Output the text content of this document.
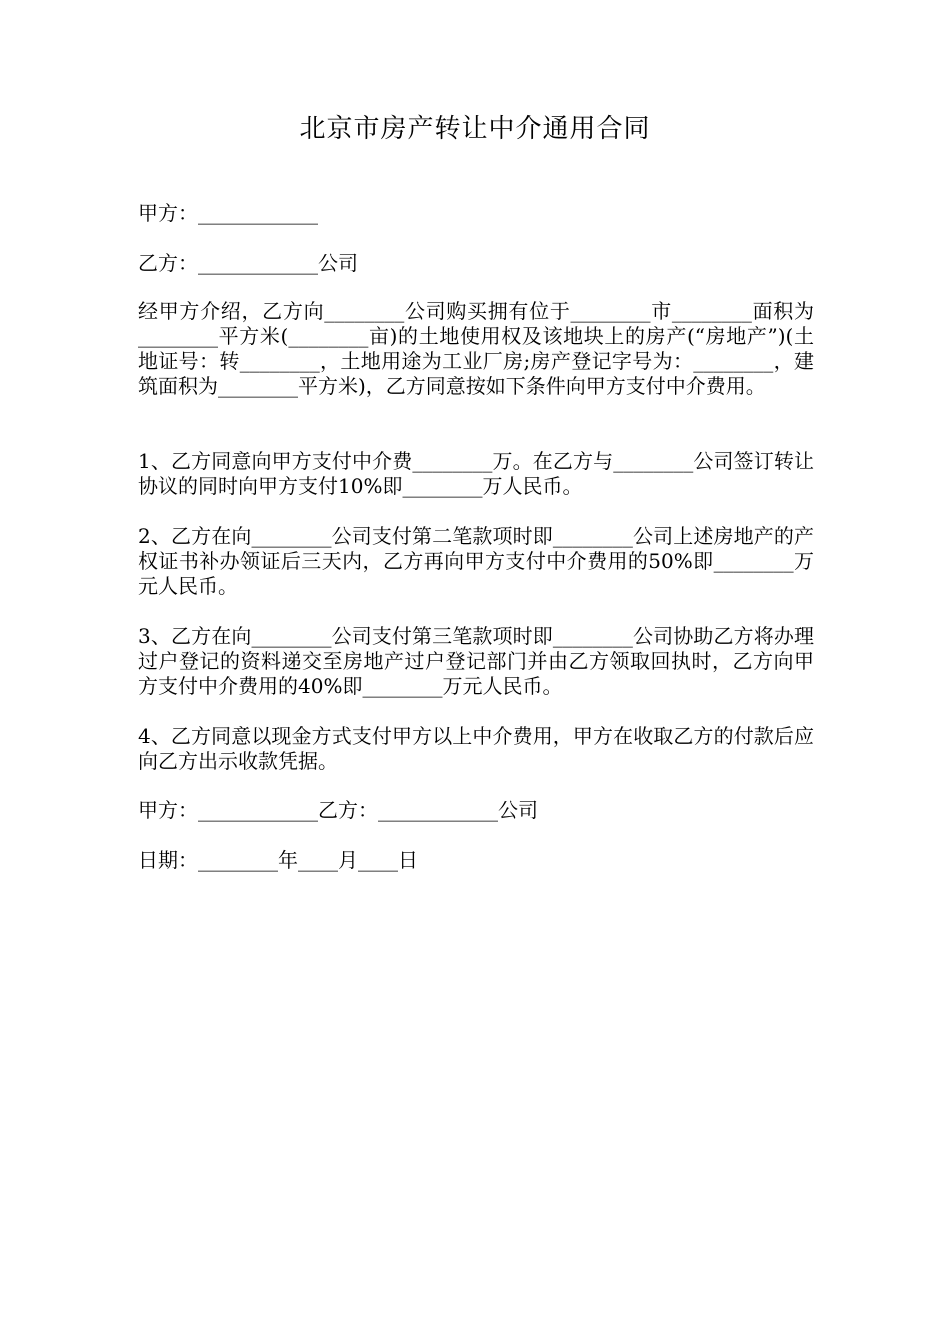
北京市房产转让中介通用合同

甲方：____________

乙方：____________公司

经甲方介绍，乙方向________公司购买拥有位于________市________面积为________平方米(________亩)的土地使用权及该地块上的房产(“房地产”)(土地证号：转________，土地用途为工业厂房;房产登记字号为：________，建筑面积为________平方米)，乙方同意按如下条件向甲方支付中介费用。

1、乙方同意向甲方支付中介费________万。在乙方与________公司签订转让协议的同时向甲方支付10%即________万人民币。

2、乙方在向________公司支付第二笔款项时即________公司上述房地产的产权证书补办领证后三天内，乙方再向甲方支付中介费用的50%即________万元人民币。

3、乙方在向________公司支付第三笔款项时即________公司协助乙方将办理过户登记的资料递交至房地产过户登记部门并由乙方领取回执时，乙方向甲方支付中介费用的40%即________万元人民币。

4、乙方同意以现金方式支付甲方以上中介费用，甲方在收取乙方的付款后应向乙方出示收款凭据。

甲方：____________乙方：____________公司

日期：________年____月____日
